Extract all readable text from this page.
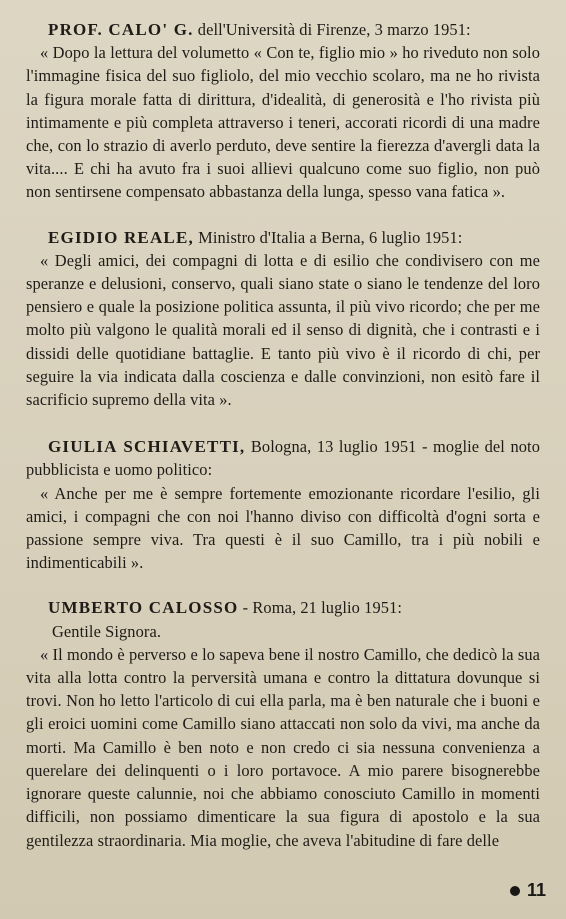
PROF. CALO' G. dell'Università di Firenze, 3 marzo 1951:

« Dopo la lettura del volumetto « Con te, figlio mio » ho riveduto non solo l'immagine fisica del suo figliolo, del mio vecchio scolaro, ma ne ho rivista la figura morale fatta di dirittura, d'idealità, di generosità e l'ho rivista più intimamente e più completa attraverso i teneri, accorati ricordi di una madre che, con lo strazio di averlo perduto, deve sentire la fierezza d'avergli data la vita.... E chi ha avuto fra i suoi allievi qualcuno come suo figlio, non può non sentirsene compensato abbastanza della lunga, spesso vana fatica ».

EGIDIO REALE, Ministro d'Italia a Berna, 6 luglio 1951:

« Degli amici, dei compagni di lotta e di esilio che condivisero con me speranze e delusioni, conservo, quali siano state o siano le tendenze del loro pensiero e quale la posizione politica assunta, il più vivo ricordo; che per me molto più valgono le qualità morali ed il senso di dignità, che i contrasti e i dissidi delle quotidiane battaglie. E tanto più vivo è il ricordo di chi, per seguire la via indicata dalla coscienza e dalle convinzioni, non esitò fare il sacrificio supremo della vita ».

GIULIA SCHIAVETTI, Bologna, 13 luglio 1951 - moglie del noto pubblicista e uomo politico:

« Anche per me è sempre fortemente emozionante ricordare l'esilio, gli amici, i compagni che con noi l'hanno diviso con difficoltà d'ogni sorta e passione sempre viva. Tra questi è il suo Camillo, tra i più nobili e indimenticabili ».

UMBERTO CALOSSO - Roma, 21 luglio 1951:

Gentile Signora.

« Il mondo è perverso e lo sapeva bene il nostro Camillo, che dedicò la sua vita alla lotta contro la perversità umana e contro la dittatura dovunque si trovi. Non ho letto l'articolo di cui ella parla, ma è ben naturale che i buoni e gli eroici uomini come Camillo siano attaccati non solo da vivi, ma anche da morti. Ma Camillo è ben noto e non credo ci sia nessuna convenienza a querelare dei delinquenti o i loro portavoce. A mio parere bisognerebbe ignorare queste calunnie, noi che abbiamo conosciuto Camillo in momenti difficili, non possiamo dimenticare la sua figura di apostolo e la sua gentilezza straordinaria. Mia moglie, che aveva l'abitudine di fare delle

11
